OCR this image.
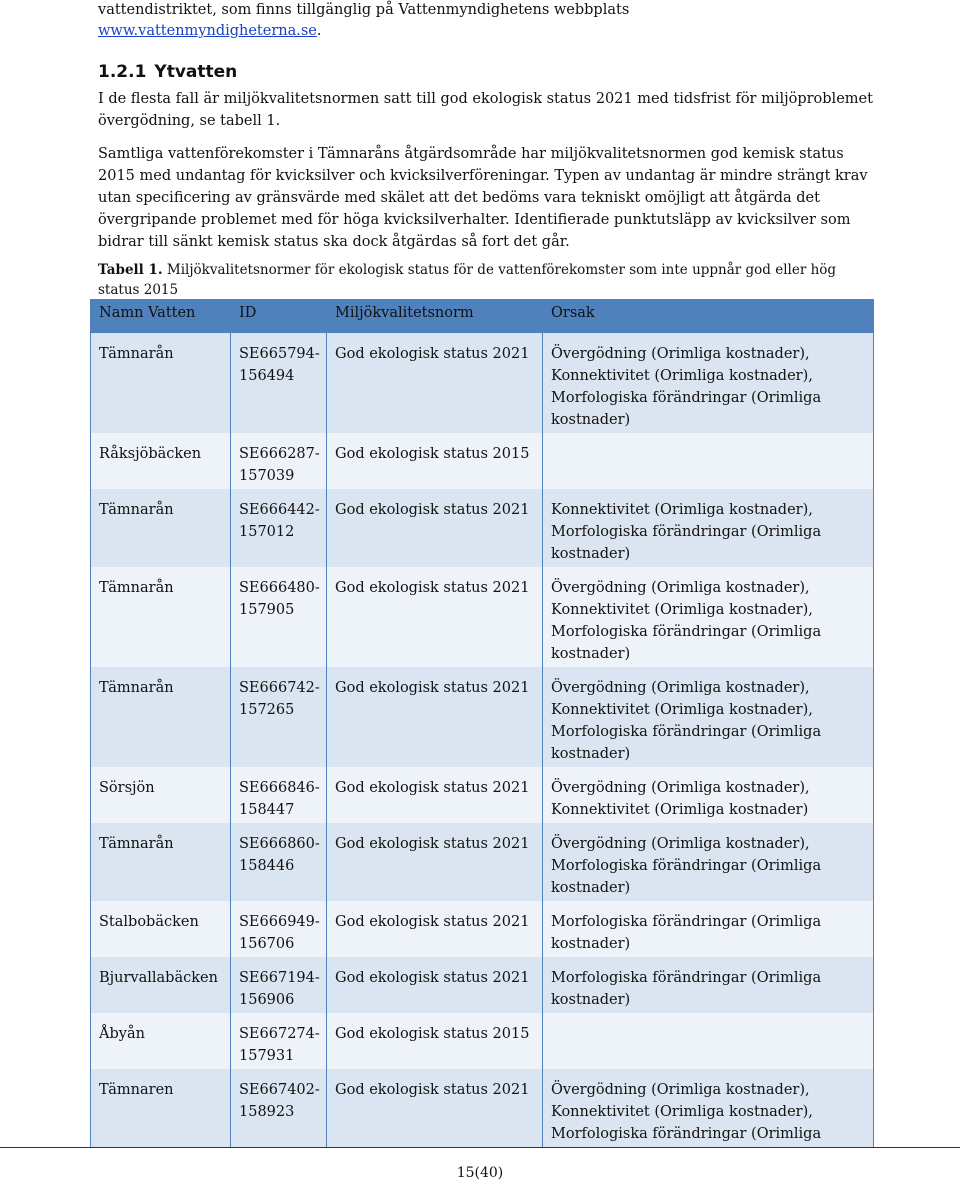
vattendistriktet, som finns tillgänglig på Vattenmyndighetens webbplats
www.vattenmyndigheterna.se.
1.2.1 Ytvatten
I de flesta fall är miljökvalitetsnormen satt till god ekologisk status 2021 med tidsfrist för miljöproblemet övergödning, se tabell 1.
Samtliga vattenförekomster i Tämnaråns åtgärdsområde har miljökvalitetsnormen god kemisk status 2015 med undantag för kvicksilver och kvicksilverföreningar. Typen av undantag är mindre strängt krav utan specificering av gränsvärde med skälet att det bedöms vara tekniskt omöjligt att åtgärda det övergripande problemet med för höga kvicksilverhalter. Identifierade punktutsläpp av kvicksilver som bidrar till sänkt kemisk status ska dock åtgärdas så fort det går.
Tabell 1. Miljökvalitetsnormer för ekologisk status för de vattenförekomster som inte uppnår god eller hög status 2015
Namn Vatten	ID	Miljökvalitetsnorm	Orsak
Tämnarån	SE665794-156494	God ekologisk status 2021	Övergödning (Orimliga kostnader), Konnektivitet (Orimliga kostnader), Morfologiska förändringar (Orimliga kostnader)
Råksjöbäcken	SE666287-157039	God ekologisk status 2015	
Tämnarån	SE666442-157012	God ekologisk status 2021	Konnektivitet (Orimliga kostnader), Morfologiska förändringar (Orimliga kostnader)
Tämnarån	SE666480-157905	God ekologisk status 2021	Övergödning (Orimliga kostnader), Konnektivitet (Orimliga kostnader), Morfologiska förändringar (Orimliga kostnader)
Tämnarån	SE666742-157265	God ekologisk status 2021	Övergödning (Orimliga kostnader), Konnektivitet (Orimliga kostnader), Morfologiska förändringar (Orimliga kostnader)
Sörsjön	SE666846-158447	God ekologisk status 2021	Övergödning (Orimliga kostnader), Konnektivitet (Orimliga kostnader)
Tämnarån	SE666860-158446	God ekologisk status 2021	Övergödning (Orimliga kostnader), Morfologiska förändringar (Orimliga kostnader)
Stalbobäcken	SE666949-156706	God ekologisk status 2021	Morfologiska förändringar (Orimliga kostnader)
Bjurvallabäcken	SE667194-156906	God ekologisk status 2021	Morfologiska förändringar (Orimliga kostnader)
Åbyån	SE667274-157931	God ekologisk status 2015	
Tämnaren	SE667402-158923	God ekologisk status 2021	Övergödning (Orimliga kostnader), Konnektivitet (Orimliga kostnader), Morfologiska förändringar (Orimliga
15(40)
